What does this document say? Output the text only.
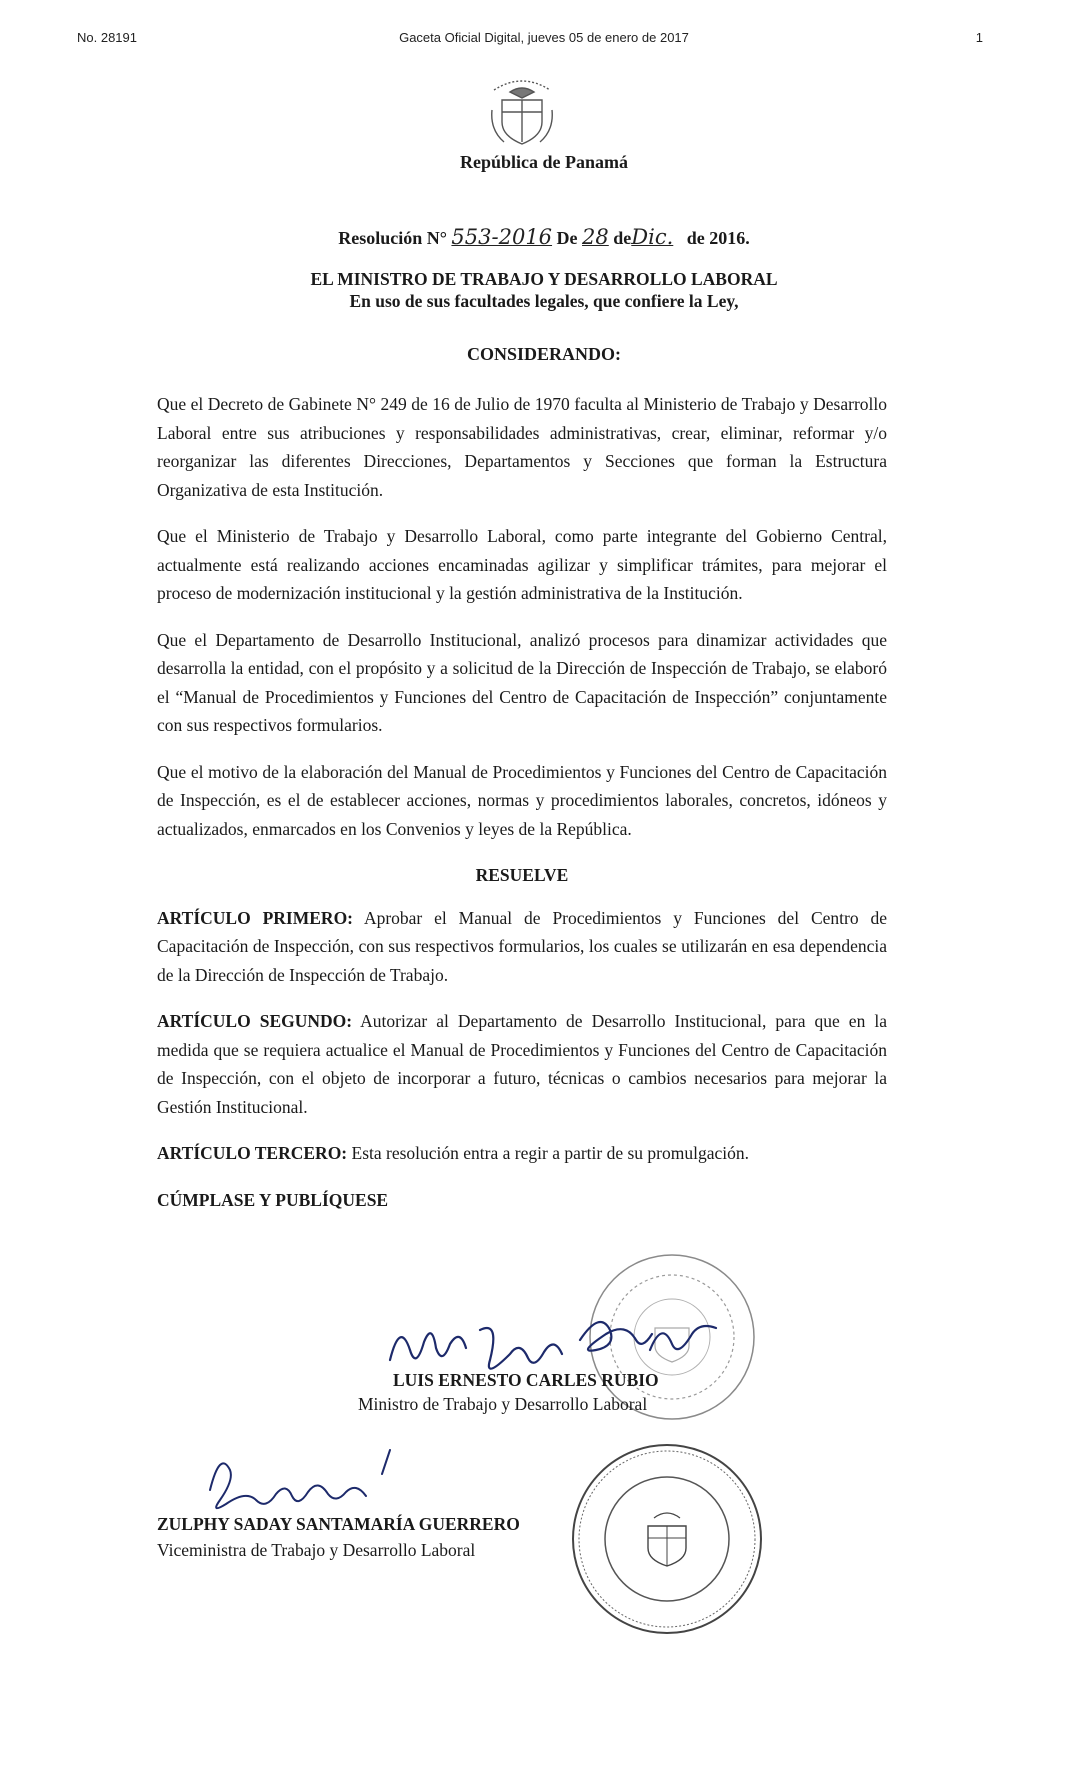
No. 28191	Gaceta Oficial Digital, jueves 05 de enero de 2017	1
República de Panamá
Resolución N° 553-2016 De 28 deDic. de 2016.
EL MINISTRO DE TRABAJO Y DESARROLLO LABORAL
En uso de sus facultades legales, que confiere la Ley,
CONSIDERANDO:

Que el Decreto de Gabinete N° 249 de 16 de Julio de 1970 faculta al Ministerio de Trabajo y Desarrollo Laboral entre sus atribuciones y responsabilidades administrativas, crear, eliminar, reformar y/o reorganizar las diferentes Direcciones, Departamentos y Secciones que forman la Estructura Organizativa de esta Institución.

Que el Ministerio de Trabajo y Desarrollo Laboral, como parte integrante del Gobierno Central, actualmente está realizando acciones encaminadas agilizar y simplificar trámites, para mejorar el proceso de modernización institucional y la gestión administrativa de la Institución.

Que el Departamento de Desarrollo Institucional, analizó procesos para dinamizar actividades que desarrolla la entidad, con el propósito y a solicitud de la Dirección de Inspección de Trabajo, se elaboró el “Manual de Procedimientos y Funciones del Centro de Capacitación de Inspección” conjuntamente con sus respectivos formularios.

Que el motivo de la elaboración del Manual de Procedimientos y Funciones del Centro de Capacitación de Inspección, es el de establecer acciones, normas y procedimientos laborales, concretos, idóneos y actualizados, enmarcados en los Convenios y leyes de la República.

RESUELVE

ARTÍCULO PRIMERO: Aprobar el Manual de Procedimientos y Funciones del Centro de Capacitación de Inspección, con sus respectivos formularios, los cuales se utilizarán en esa dependencia de la Dirección de Inspección de Trabajo.

ARTÍCULO SEGUNDO: Autorizar al Departamento de Desarrollo Institucional, para que en la medida que se requiera actualice el Manual de Procedimientos y Funciones del Centro de Capacitación de Inspección, con el objeto de incorporar a futuro, técnicas o cambios necesarios para mejorar la Gestión Institucional.

ARTÍCULO TERCERO: Esta resolución entra a regir a partir de su promulgación.

CÚMPLASE Y PUBLÍQUESE

LUIS ERNESTO CARLES RUBIO
Ministro de Trabajo y Desarrollo Laboral
ZULPHY SADAY SANTAMARÍA GUERRERO
Viceministra de Trabajo y Desarrollo Laboral
